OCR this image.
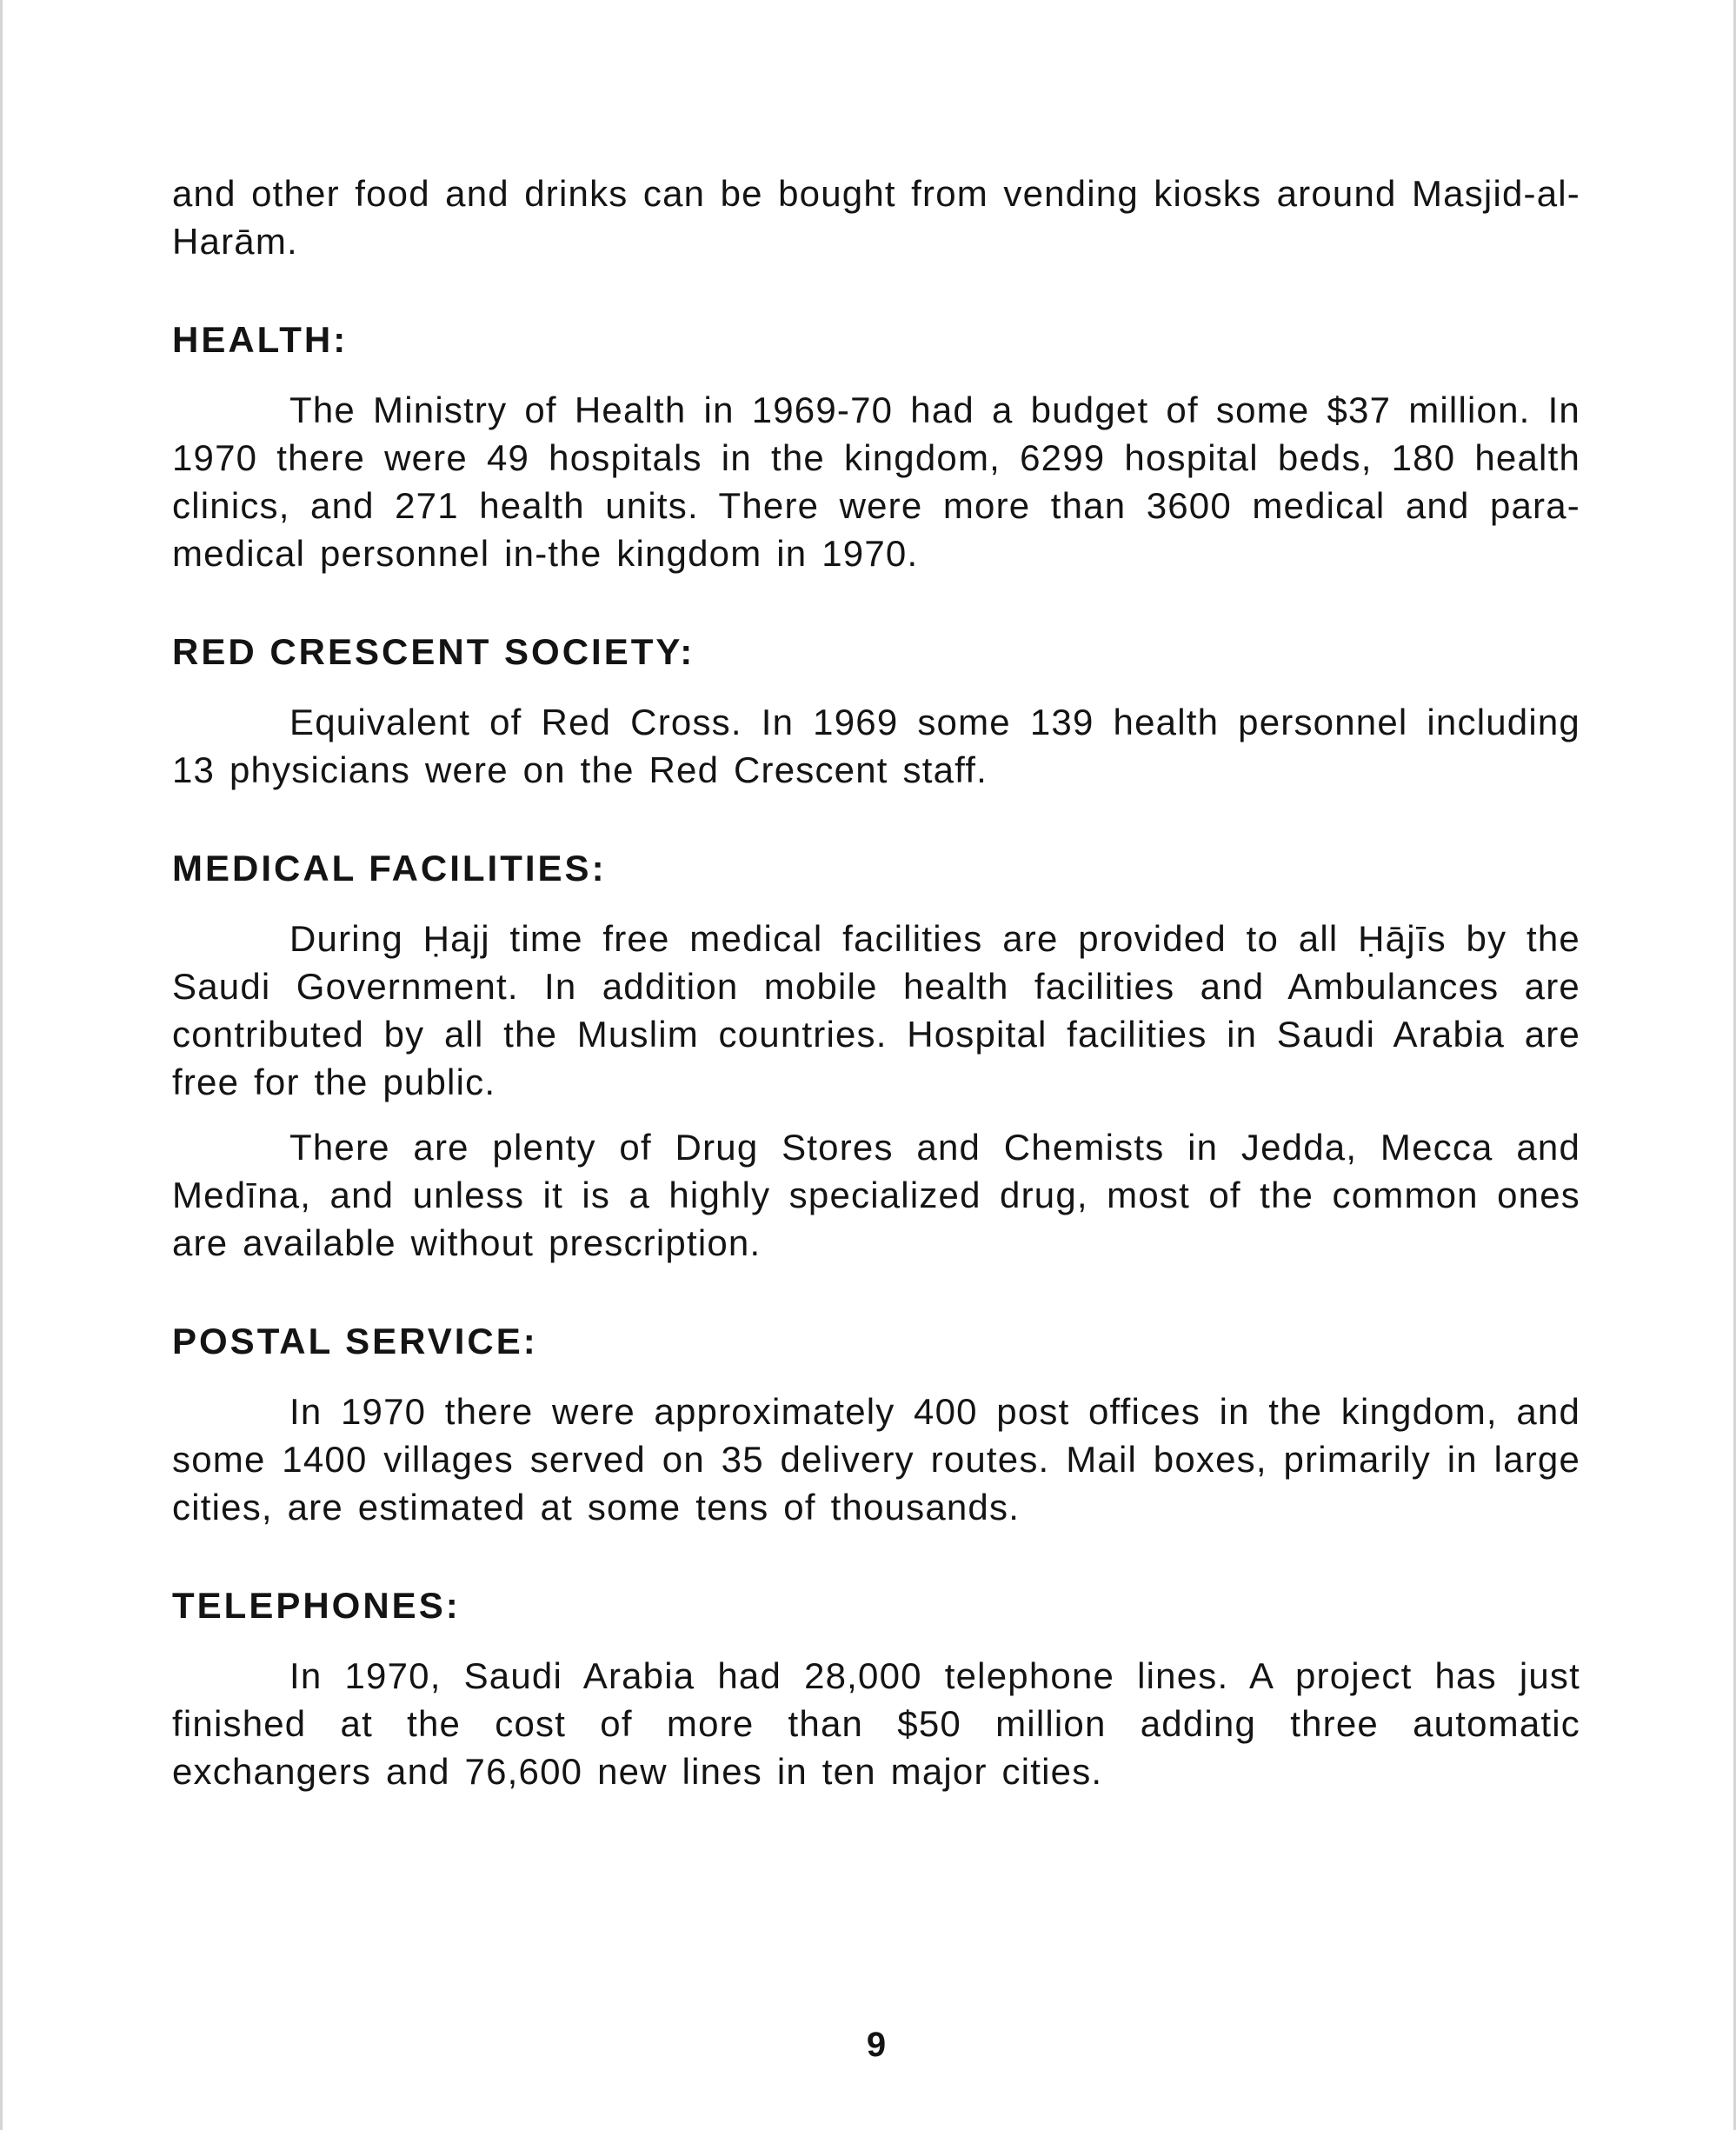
and other food and drinks can be bought from vending kiosks around Masjid-al-Harām.

HEALTH:

The Ministry of Health in 1969-70 had a budget of some $37 million. In 1970 there were 49 hospitals in the kingdom, 6299 hospital beds, 180 health clinics, and 271 health units. There were more than 3600 medical and para-medical personnel in-the kingdom in 1970.

RED CRESCENT SOCIETY:

Equivalent of Red Cross. In 1969 some 139 health personnel including 13 physicians were on the Red Crescent staff.

MEDICAL FACILITIES:

During Ḥajj time free medical facilities are provided to all Ḥājīs by the Saudi Government. In addition mobile health facilities and Ambulances are contributed by all the Muslim countries. Hospital facilities in Saudi Arabia are free for the public.

There are plenty of Drug Stores and Chemists in Jedda, Mecca and Medīna, and unless it is a highly specialized drug, most of the common ones are available without prescription.

POSTAL SERVICE:

In 1970 there were approximately 400 post offices in the kingdom, and some 1400 villages served on 35 delivery routes. Mail boxes, primarily in large cities, are estimated at some tens of thousands.

TELEPHONES:

In 1970, Saudi Arabia had 28,000 telephone lines. A project has just finished at the cost of more than $50 million adding three automatic exchangers and 76,600 new lines in ten major cities.

9
